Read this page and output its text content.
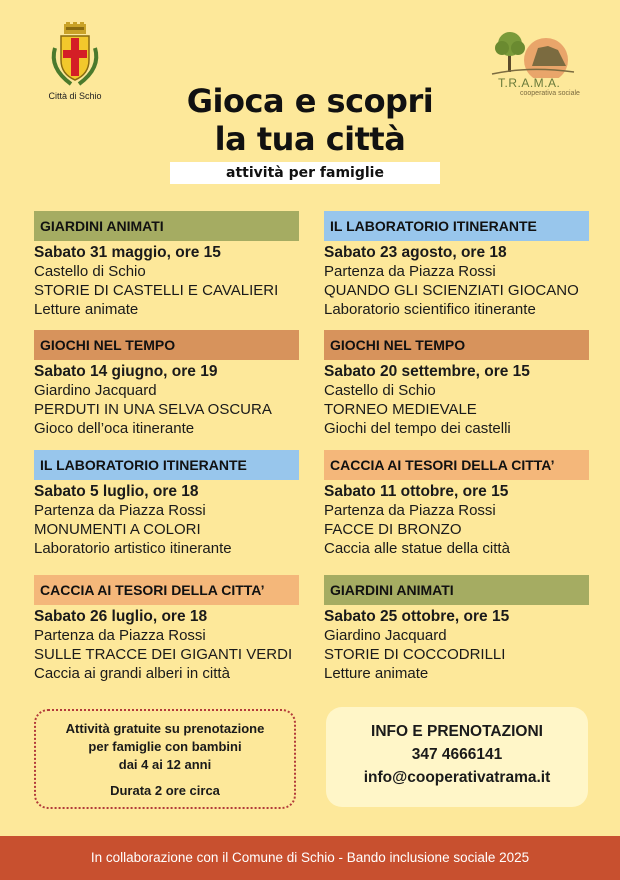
Città di Schio
T.R.A.M.A.
cooperativa sociale
Gioca e scopri
la tua città
attività per famiglie
GIARDINI ANIMATI
Sabato 31 maggio, ore 15
Castello di Schio
STORIE DI CASTELLI E CAVALIERI
Letture animate
GIOCHI NEL TEMPO
Sabato 14 giugno, ore 19
Giardino Jacquard
PERDUTI IN UNA SELVA OSCURA
Gioco dell’oca itinerante
IL LABORATORIO ITINERANTE
Sabato 5 luglio, ore 18
Partenza da Piazza Rossi
MONUMENTI A COLORI
Laboratorio artistico itinerante
CACCIA AI TESORI DELLA CITTA’
Sabato 26 luglio, ore 18
Partenza da Piazza Rossi
SULLE TRACCE DEI GIGANTI VERDI
Caccia ai grandi alberi in città
IL LABORATORIO ITINERANTE
Sabato 23 agosto, ore 18
Partenza da Piazza Rossi
QUANDO GLI SCIENZIATI GIOCANO
Laboratorio scientifico itinerante
GIOCHI NEL TEMPO
Sabato 20 settembre, ore 15
Castello di Schio
TORNEO MEDIEVALE
Giochi del tempo dei castelli
CACCIA AI TESORI DELLA CITTA’
Sabato 11 ottobre, ore 15
Partenza da Piazza Rossi
FACCE DI BRONZO
Caccia alle statue della città
GIARDINI ANIMATI
Sabato 25 ottobre, ore 15
Giardino Jacquard
STORIE DI COCCODRILLI
Letture animate
Attività gratuite su prenotazione
per famiglie con bambini
dai 4 ai 12 anni
Durata 2 ore circa
INFO E PRENOTAZIONI
347 4666141
info@cooperativatrama.it
In collaborazione con il Comune di Schio - Bando inclusione sociale 2025
